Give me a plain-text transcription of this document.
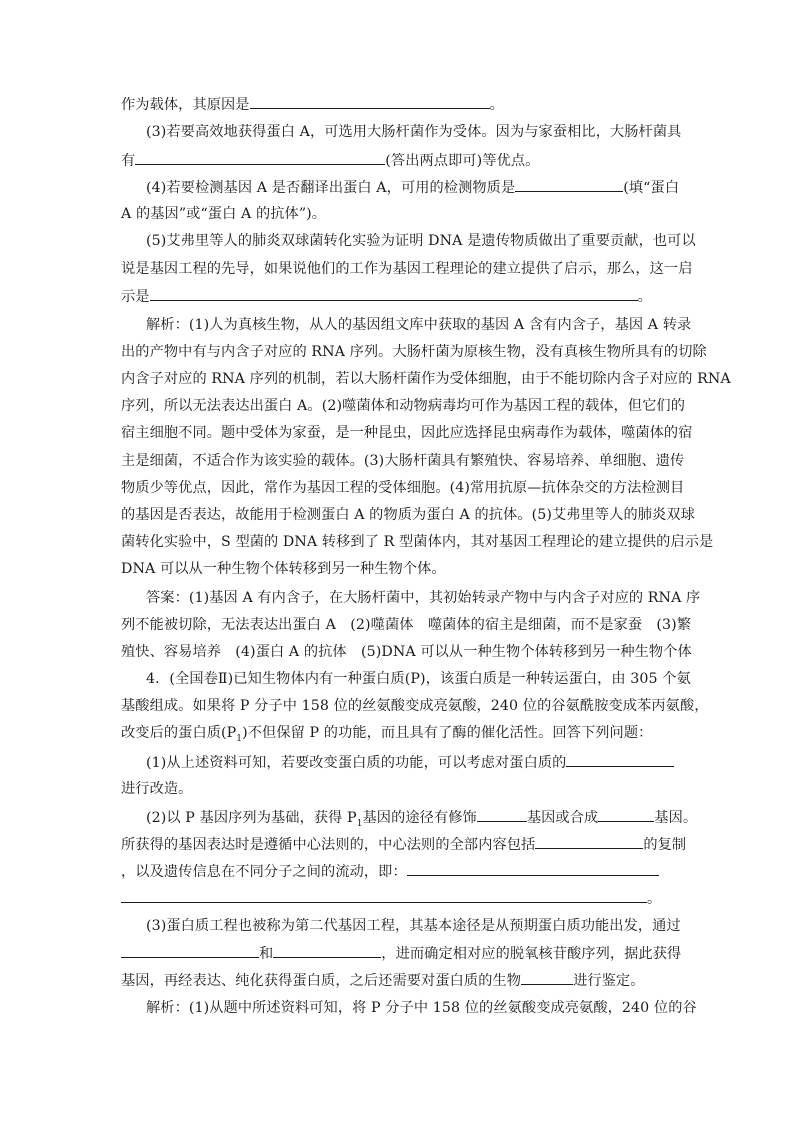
作为载体，其原因是	。
(3)若要高效地获得蛋白 A，可选用大肠杆菌作为受体。因为与家蚕相比，大肠杆菌具
有	(答出两点即可)等优点。
(4)若要检测基因 A 是否翻译出蛋白 A，可用的检测物质是	(填“蛋白
A 的基因”或“蛋白 A 的抗体”)。
(5)艾弗里等人的肺炎双球菌转化实验为证明 DNA 是遗传物质做出了重要贡献，也可以
说是基因工程的先导，如果说他们的工作为基因工程理论的建立提供了启示，那么，这一启
示是	。
解析：(1)人为真核生物，从人的基因组文库中获取的基因 A 含有内含子，基因 A 转录
出的产物中有与内含子对应的 RNA 序列。大肠杆菌为原核生物，没有真核生物所具有的切除
内含子对应的 RNA 序列的机制，若以大肠杆菌作为受体细胞，由于不能切除内含子对应的 RNA
序列，所以无法表达出蛋白 A。(2)噬菌体和动物病毒均可作为基因工程的载体，但它们的
宿主细胞不同。题中受体为家蚕，是一种昆虫，因此应选择昆虫病毒作为载体，噬菌体的宿
主是细菌，不适合作为该实验的载体。(3)大肠杆菌具有繁殖快、容易培养、单细胞、遗传
物质少等优点，因此，常作为基因工程的受体细胞。(4)常用抗原—抗体杂交的方法检测目
的基因是否表达，故能用于检测蛋白 A 的物质为蛋白 A 的抗体。(5)艾弗里等人的肺炎双球
菌转化实验中，S 型菌的 DNA 转移到了 R 型菌体内，其对基因工程理论的建立提供的启示是
DNA 可以从一种生物个体转移到另一种生物个体。
答案：(1)基因 A 有内含子，在大肠杆菌中，其初始转录产物中与内含子对应的 RNA 序
列不能被切除，无法表达出蛋白 A　(2)噬菌体　噬菌体的宿主是细菌，而不是家蚕　(3)繁
殖快、容易培养　(4)蛋白 A 的抗体　(5)DNA 可以从一种生物个体转移到另一种生物个体
4．(全国卷Ⅱ)已知生物体内有一种蛋白质(P)，该蛋白质是一种转运蛋白，由 305 个氨
基酸组成。如果将 P 分子中 158 位的丝氨酸变成亮氨酸，240 位的谷氨酰胺变成苯丙氨酸，
改变后的蛋白质$(P_1)$不但保留 P 的功能，而且具有了酶的催化活性。回答下列问题：
(1)从上述资料可知，若要改变蛋白质的功能，可以考虑对蛋白质的
进行改造。
(2)以 P 基因序列为基础，获得 $P_1$基因的途径有修饰	基因或合成	基因。
所获得的基因表达时是遵循中心法则的，中心法则的全部内容包括	的复制
，以及遗传信息在不同分子之间的流动，即：
。
(3)蛋白质工程也被称为第二代基因工程，其基本途径是从预期蛋白质功能出发，通过
和	，进而确定相对应的脱氧核苷酸序列，据此获得
基因，再经表达、纯化获得蛋白质，之后还需要对蛋白质的生物	进行鉴定。
解析：(1)从题中所述资料可知，将 P 分子中 158 位的丝氨酸变成亮氨酸，240 位的谷
